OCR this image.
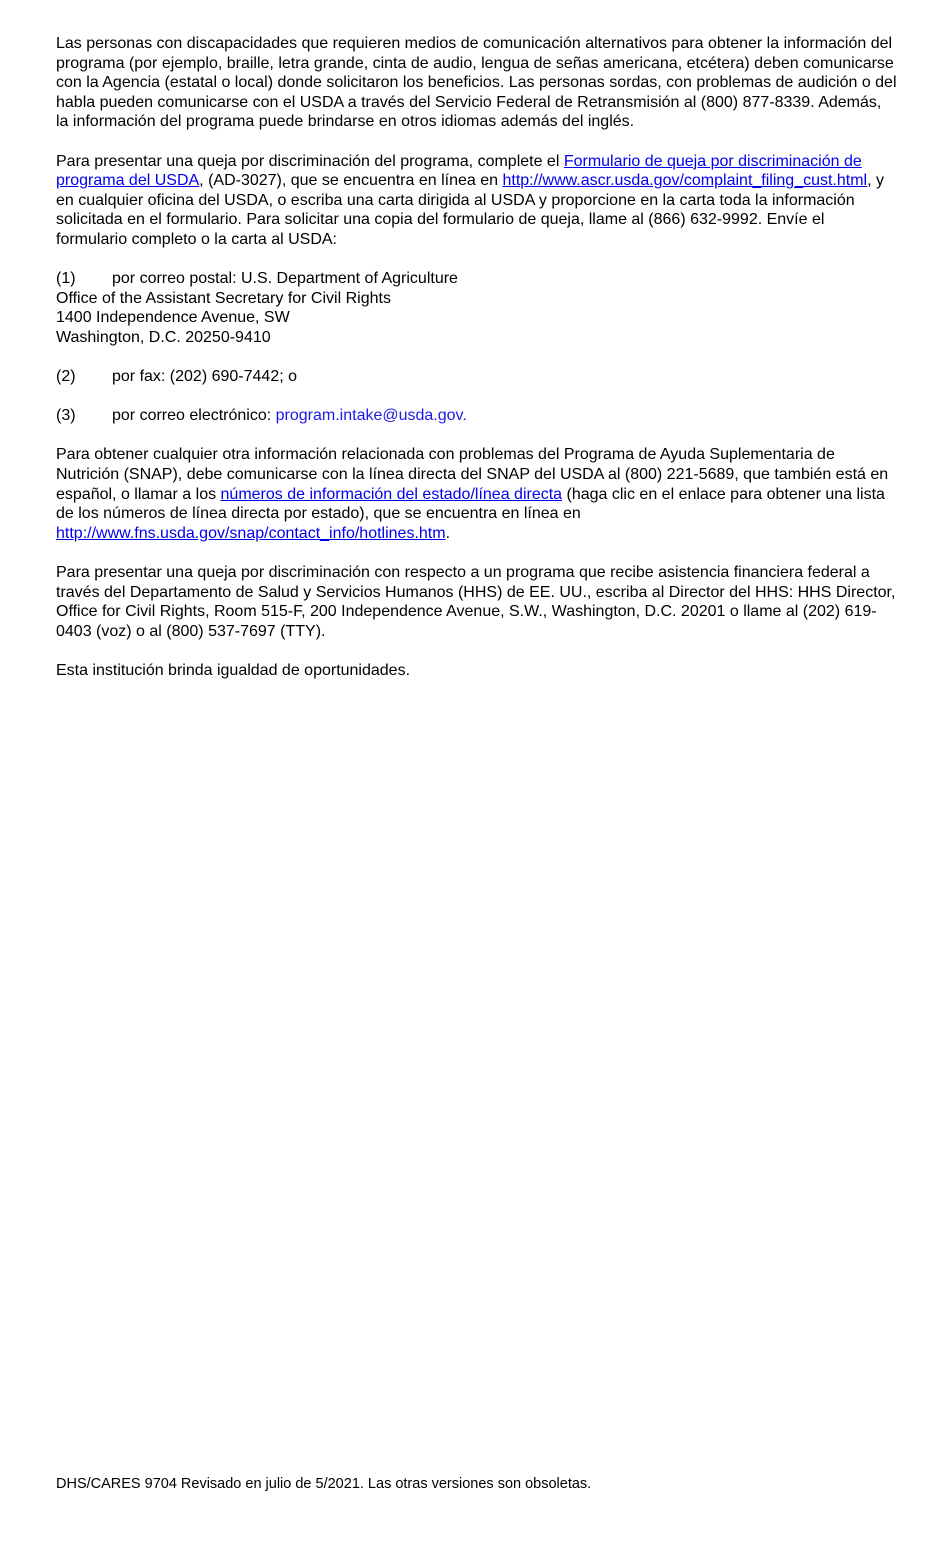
Las personas con discapacidades que requieren medios de comunicación alternativos para obtener la información del programa (por ejemplo, braille, letra grande, cinta de audio, lengua de señas americana, etcétera) deben comunicarse con la Agencia (estatal o local) donde solicitaron los beneficios. Las personas sordas, con problemas de audición o del habla pueden comunicarse con el USDA a través del Servicio Federal de Retransmisión al (800) 877-8339. Además, la información del programa puede brindarse en otros idiomas además del inglés.

Para presentar una queja por discriminación del programa, complete el Formulario de queja por discriminación de programa del USDA, (AD-3027), que se encuentra en línea en http://www.ascr.usda.gov/complaint_filing_cust.html, y en cualquier oficina del USDA, o escriba una carta dirigida al USDA y proporcione en la carta toda la información solicitada en el formulario. Para solicitar una copia del formulario de queja, llame al (866) 632-9992. Envíe el formulario completo o la carta al USDA:

(1) por correo postal: U.S. Department of Agriculture
Office of the Assistant Secretary for Civil Rights
1400 Independence Avenue, SW
Washington, D.C. 20250-9410

(2) por fax: (202) 690-7442; o

(3) por correo electrónico: program.intake@usda.gov.

Para obtener cualquier otra información relacionada con problemas del Programa de Ayuda Suplementaria de Nutrición (SNAP), debe comunicarse con la línea directa del SNAP del USDA al (800) 221-5689, que también está en español, o llamar a los números de información del estado/línea directa (haga clic en el enlace para obtener una lista de los números de línea directa por estado), que se encuentra en línea en http://www.fns.usda.gov/snap/contact_info/hotlines.htm.

Para presentar una queja por discriminación con respecto a un programa que recibe asistencia financiera federal a través del Departamento de Salud y Servicios Humanos (HHS) de EE. UU., escriba al Director del HHS: HHS Director, Office for Civil Rights, Room 515-F, 200 Independence Avenue, S.W., Washington, D.C. 20201 o llame al (202) 619-0403 (voz) o al (800) 537-7697 (TTY).

Esta institución brinda igualdad de oportunidades.

DHS/CARES 9704 Revisado en julio de 5/2021. Las otras versiones son obsoletas.
